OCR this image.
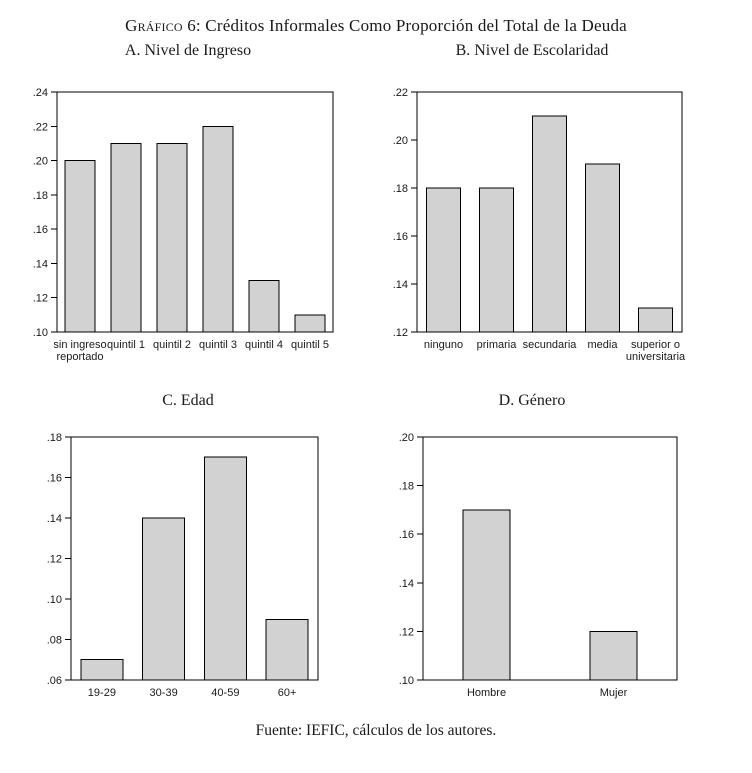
Gráfico 6: Créditos Informales Como Proporción del Total de la Deuda
A. Nivel de Ingreso	B. Nivel de Escolaridad
C. Edad	D. Género
.10
.12
.14
.16
.18
.20
.22
.24
sin ingreso reportado
quintil 1 quintil 2 quintil 3 quintil 4 quintil 5
.12
.14
.16
.18
.20
.22
ninguno primaria secundaria media	superior o universitaria
.06
.08
.10
.12
.14
.16
.18
19-29	30-39	40-59	60+
.10
.12
.14
.16
.18
.20
Hombre	Mujer
Fuente: IEFIC, cálculos de los autores.
